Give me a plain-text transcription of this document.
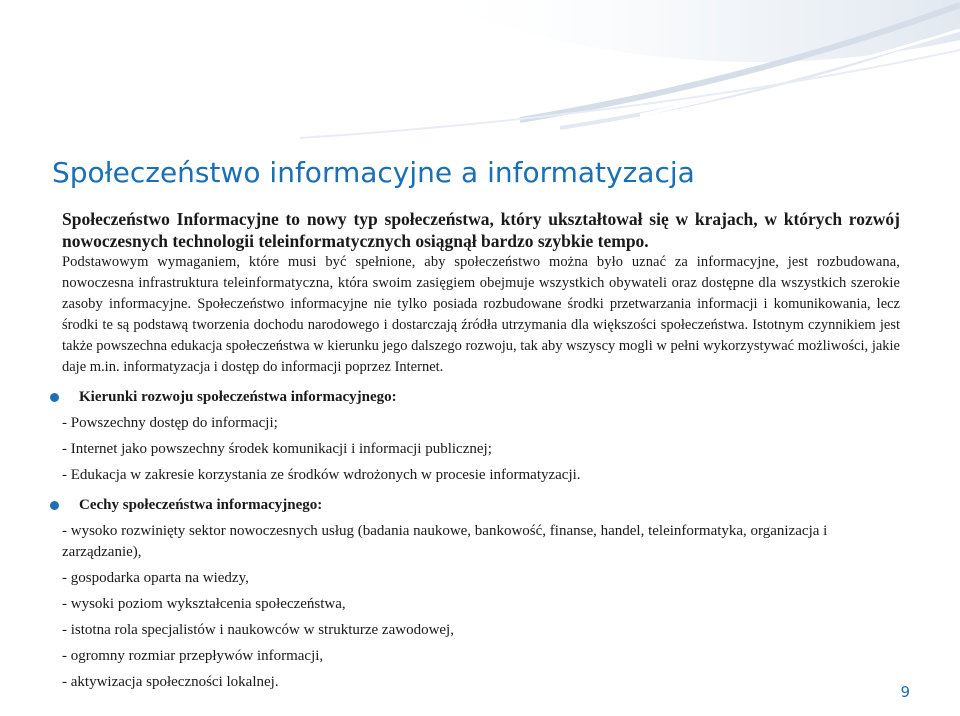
Społeczeństwo informacyjne a informatyzacja

Społeczeństwo Informacyjne to nowy typ społeczeństwa, który ukształtował się w krajach, w których rozwój nowoczesnych technologii teleinformatycznych osiągnął bardzo szybkie tempo.

Podstawowym wymaganiem, które musi być spełnione, aby społeczeństwo można było uznać za informacyjne, jest rozbudowana, nowoczesna infrastruktura teleinformatyczna, która swoim zasięgiem obejmuje wszystkich obywateli oraz dostępne dla wszystkich szerokie zasoby informacyjne. Społeczeństwo informacyjne nie tylko posiada rozbudowane środki przetwarzania informacji i komunikowania, lecz środki te są podstawą tworzenia dochodu narodowego i dostarczają źródła utrzymania dla większości społeczeństwa. Istotnym czynnikiem jest także powszechna edukacja społeczeństwa w kierunku jego dalszego rozwoju, tak aby wszyscy mogli w pełni wykorzystywać możliwości, jakie daje m.in. informatyzacja i dostęp do informacji poprzez Internet.

Kierunki rozwoju społeczeństwa informacyjnego:
- Powszechny dostęp do informacji;
- Internet jako powszechny środek komunikacji i informacji publicznej;
- Edukacja w zakresie korzystania ze środków wdrożonych w procesie informatyzacji.
Cechy społeczeństwa informacyjnego:
- wysoko rozwinięty sektor nowoczesnych usług (badania naukowe, bankowość, finanse, handel, teleinformatyka, organizacja i zarządzanie),
- gospodarka oparta na wiedzy,
- wysoki poziom wykształcenia społeczeństwa,
- istotna rola specjalistów i naukowców w strukturze zawodowej,
- ogromny rozmiar przepływów informacji,
- aktywizacja społeczności lokalnej.
9
